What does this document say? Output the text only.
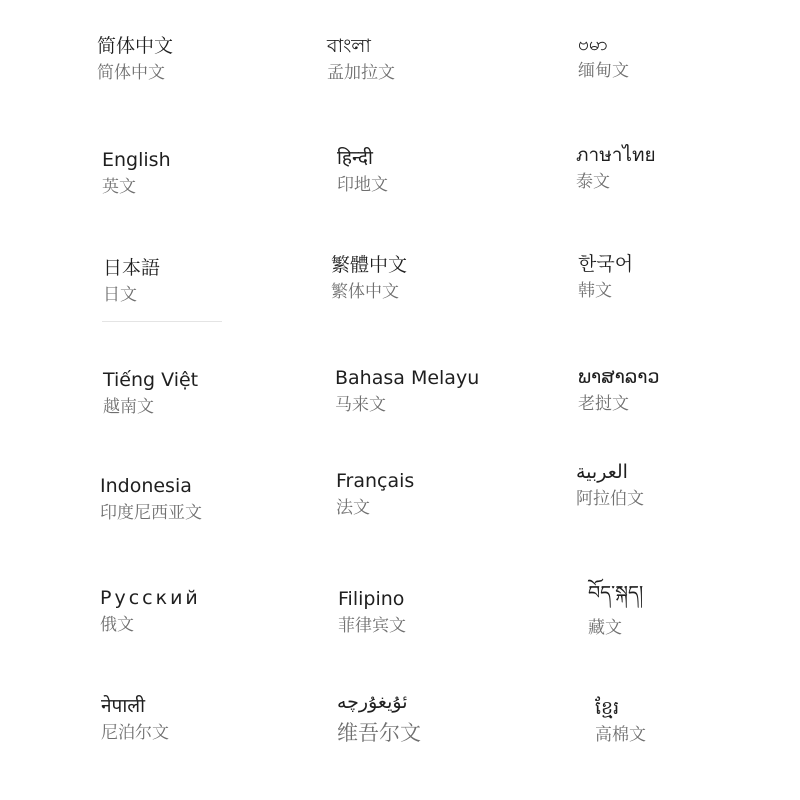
简体中文
简体中文
বাংলা
孟加拉文
ဗမာ
缅甸文
English
英文
हिन्दी
印地文
ภาษาไทย
泰文
日本語
日文
繁體中文
繁体中文
한국어
韩文
Tiếng Việt
越南文
Bahasa Melayu
马来文
ພາສາລາວ
老挝文
Indonesia
印度尼西亚文
Français
法文
العربية
阿拉伯文
Русский
俄文
Filipino
菲律宾文
བོད་སྐད།
藏文
नेपाली
尼泊尔文
ئۇيغۇرچە
维吾尔文
ខ្មែរ
高棉文
